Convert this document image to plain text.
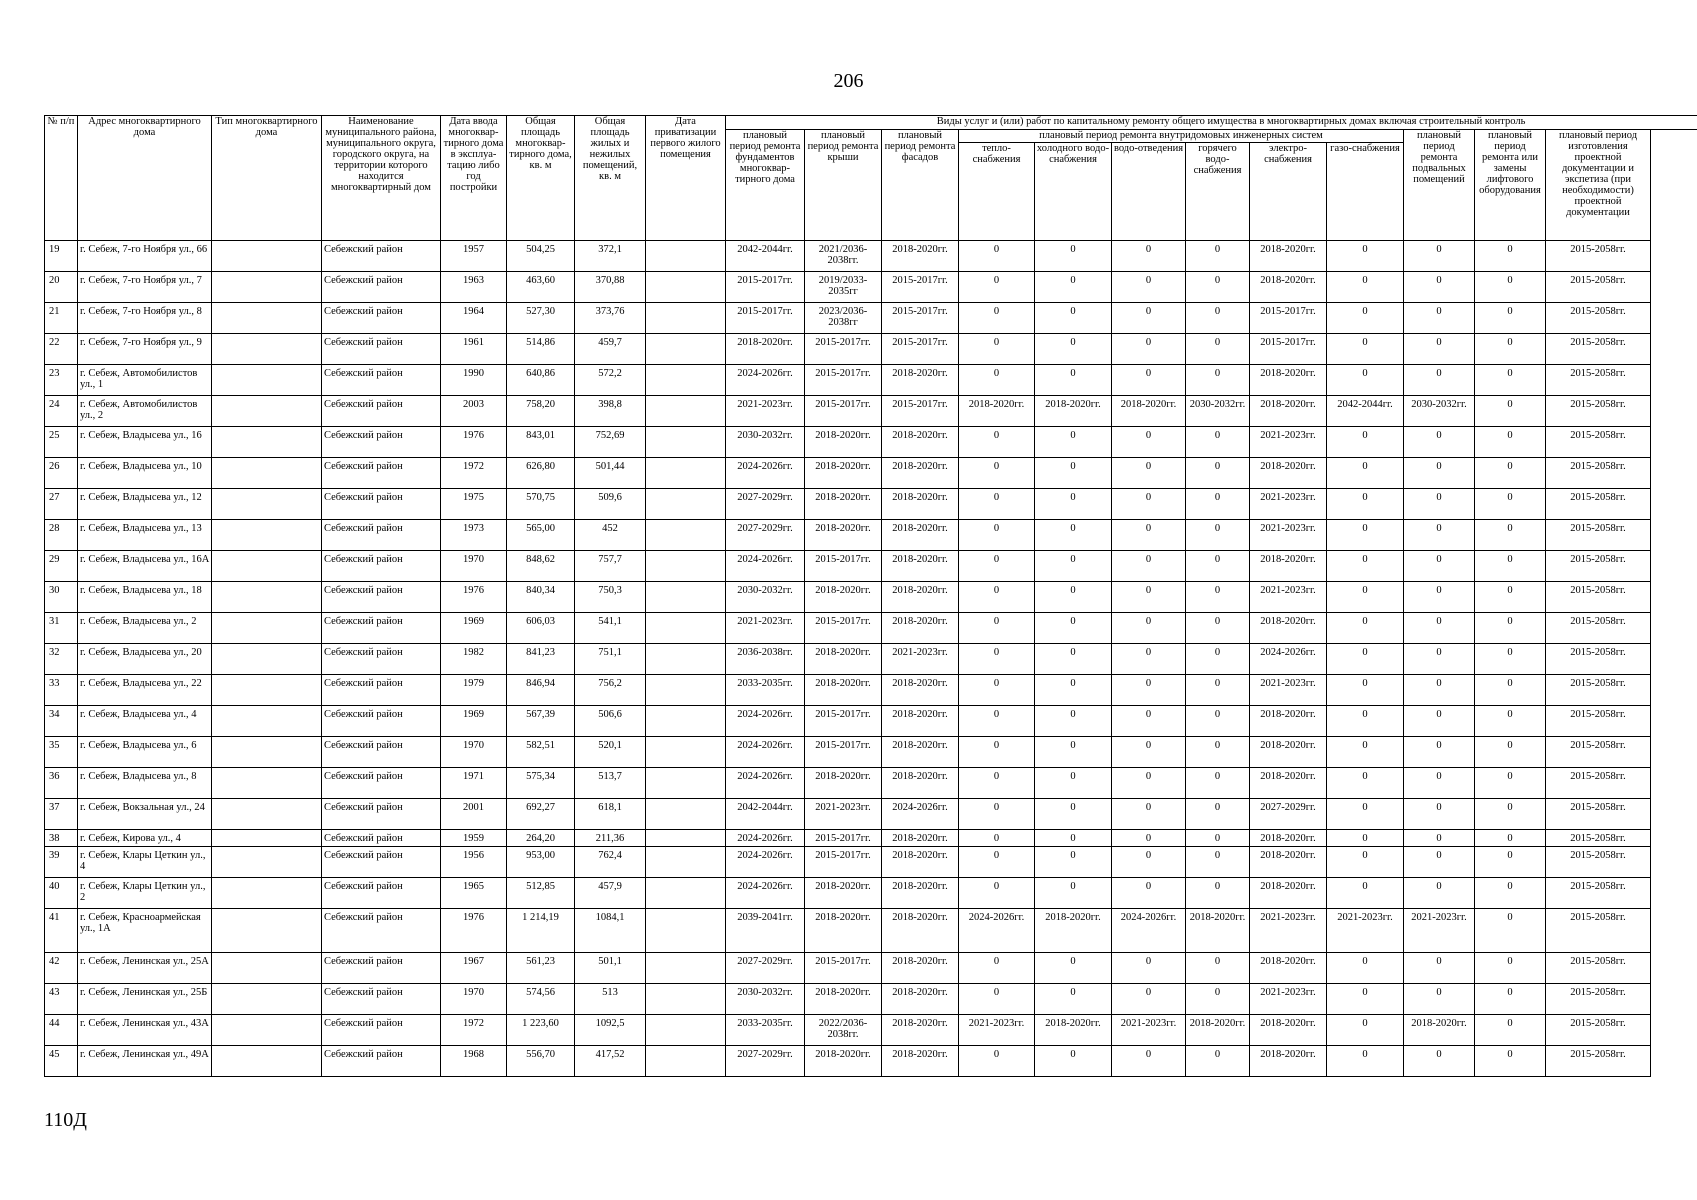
206
№ п/п	Адрес многоквартирного дома	Тип многоквартирного дома	Наименование муниципального района, муниципального округа, городского округа, на территории которого находится многоквартирный дом	Дата ввода многоквар-тирного дома в эксплуа-тацию либо год постройки	Общая площадь многоквар-тирного дома, кв. м	Общая площадь жилых и нежилых помещений, кв. м	Дата приватизации первого жилого помещения	Виды услуг и (или) работ по капитальному ремонту общего имущества в многоквартирных домах включая строительный контроль											
								плановый период ремонта фундаментов многоквар-тирного дома	плановый период ремонта крыши	плановый период ремонта фасадов	плановый период ремонта внутридомовых инженерных систем						плановый период ремонта подвальных помещений	плановый период ремонта или замены лифтового оборудования	плановый период изготовления проектной документации и экспетиза (при необходимости) проектной документации
											тепло-снабжения	холодного водо-снабжения	водо-отведения	горячего водо-снабжения	электро-снабжения	газо-снабжения			
19	г. Себеж, 7-го Ноября ул., 66		Себежский район	1957	504,25	372,1		2042-2044гг.	2021/2036-2038гг.	2018-2020гг.	0	0	0	0	2018-2020гг.	0	0	0	2015-2058гг.
20	г. Себеж, 7-го Ноября ул., 7		Себежский район	1963	463,60	370,88		2015-2017гг.	2019/2033-2035гг	2015-2017гг.	0	0	0	0	2018-2020гг.	0	0	0	2015-2058гг.
21	г. Себеж, 7-го Ноября ул., 8		Себежский район	1964	527,30	373,76		2015-2017гг.	2023/2036-2038гг	2015-2017гг.	0	0	0	0	2015-2017гг.	0	0	0	2015-2058гг.
22	г. Себеж, 7-го Ноября ул., 9		Себежский район	1961	514,86	459,7		2018-2020гг.	2015-2017гг.	2015-2017гг.	0	0	0	0	2015-2017гг.	0	0	0	2015-2058гг.
23	г. Себеж, Автомобилистов ул., 1		Себежский район	1990	640,86	572,2		2024-2026гг.	2015-2017гг.	2018-2020гг.	0	0	0	0	2018-2020гг.	0	0	0	2015-2058гг.
24	г. Себеж, Автомобилистов ул., 2		Себежский район	2003	758,20	398,8		2021-2023гг.	2015-2017гг.	2015-2017гг.	2018-2020гг.	2018-2020гг.	2018-2020гг.	2030-2032гг.	2018-2020гг.	2042-2044гг.	2030-2032гг.	0	2015-2058гг.
25	г. Себеж, Владысева ул., 16		Себежский район	1976	843,01	752,69		2030-2032гг.	2018-2020гг.	2018-2020гг.	0	0	0	0	2021-2023гг.	0	0	0	2015-2058гг.
26	г. Себеж, Владысева ул., 10		Себежский район	1972	626,80	501,44		2024-2026гг.	2018-2020гг.	2018-2020гг.	0	0	0	0	2018-2020гг.	0	0	0	2015-2058гг.
27	г. Себеж, Владысева ул., 12		Себежский район	1975	570,75	509,6		2027-2029гг.	2018-2020гг.	2018-2020гг.	0	0	0	0	2021-2023гг.	0	0	0	2015-2058гг.
28	г. Себеж, Владысева ул., 13		Себежский район	1973	565,00	452		2027-2029гг.	2018-2020гг.	2018-2020гг.	0	0	0	0	2021-2023гг.	0	0	0	2015-2058гг.
29	г. Себеж, Владысева ул., 16А		Себежский район	1970	848,62	757,7		2024-2026гг.	2015-2017гг.	2018-2020гг.	0	0	0	0	2018-2020гг.	0	0	0	2015-2058гг.
30	г. Себеж, Владысева ул., 18		Себежский район	1976	840,34	750,3		2030-2032гг.	2018-2020гг.	2018-2020гг.	0	0	0	0	2021-2023гг.	0	0	0	2015-2058гг.
31	г. Себеж, Владысева ул., 2		Себежский район	1969	606,03	541,1		2021-2023гг.	2015-2017гг.	2018-2020гг.	0	0	0	0	2018-2020гг.	0	0	0	2015-2058гг.
32	г. Себеж, Владысева ул., 20		Себежский район	1982	841,23	751,1		2036-2038гг.	2018-2020гг.	2021-2023гг.	0	0	0	0	2024-2026гг.	0	0	0	2015-2058гг.
33	г. Себеж, Владысева ул., 22		Себежский район	1979	846,94	756,2		2033-2035гг.	2018-2020гг.	2018-2020гг.	0	0	0	0	2021-2023гг.	0	0	0	2015-2058гг.
34	г. Себеж, Владысева ул., 4		Себежский район	1969	567,39	506,6		2024-2026гг.	2015-2017гг.	2018-2020гг.	0	0	0	0	2018-2020гг.	0	0	0	2015-2058гг.
35	г. Себеж, Владысева ул., 6		Себежский район	1970	582,51	520,1		2024-2026гг.	2015-2017гг.	2018-2020гг.	0	0	0	0	2018-2020гг.	0	0	0	2015-2058гг.
36	г. Себеж, Владысева ул., 8		Себежский район	1971	575,34	513,7		2024-2026гг.	2018-2020гг.	2018-2020гг.	0	0	0	0	2018-2020гг.	0	0	0	2015-2058гг.
37	г. Себеж, Вокзальная ул., 24		Себежский район	2001	692,27	618,1		2042-2044гг.	2021-2023гг.	2024-2026гг.	0	0	0	0	2027-2029гг.	0	0	0	2015-2058гг.
38	г. Себеж, Кирова ул., 4		Себежский район	1959	264,20	211,36		2024-2026гг.	2015-2017гг.	2018-2020гг.	0	0	0	0	2018-2020гг.	0	0	0	2015-2058гг.
39	г. Себеж, Клары Цеткин ул., 4		Себежский район	1956	953,00	762,4		2024-2026гг.	2015-2017гг.	2018-2020гг.	0	0	0	0	2018-2020гг.	0	0	0	2015-2058гг.
40	г. Себеж, Клары Цеткин ул., 2		Себежский район	1965	512,85	457,9		2024-2026гг.	2018-2020гг.	2018-2020гг.	0	0	0	0	2018-2020гг.	0	0	0	2015-2058гг.
41	г. Себеж, Красноармейская ул., 1А		Себежский район	1976	1 214,19	1084,1		2039-2041гг.	2018-2020гг.	2018-2020гг.	2024-2026гг.	2018-2020гг.	2024-2026гг.	2018-2020гг.	2021-2023гг.	2021-2023гг.	2021-2023гг.	0	2015-2058гг.
42	г. Себеж, Ленинская ул., 25А		Себежский район	1967	561,23	501,1		2027-2029гг.	2015-2017гг.	2018-2020гг.	0	0	0	0	2018-2020гг.	0	0	0	2015-2058гг.
43	г. Себеж, Ленинская ул., 25Б		Себежский район	1970	574,56	513		2030-2032гг.	2018-2020гг.	2018-2020гг.	0	0	0	0	2021-2023гг.	0	0	0	2015-2058гг.
44	г. Себеж, Ленинская ул., 43А		Себежский район	1972	1 223,60	1092,5		2033-2035гг.	2022/2036-2038гг.	2018-2020гг.	2021-2023гг.	2018-2020гг.	2021-2023гг.	2018-2020гг.	2018-2020гг.	0	2018-2020гг.	0	2015-2058гг.
45	г. Себеж, Ленинская ул., 49А		Себежский район	1968	556,70	417,52		2027-2029гг.	2018-2020гг.	2018-2020гг.	0	0	0	0	2018-2020гг.	0	0	0	2015-2058гг.
110Д
